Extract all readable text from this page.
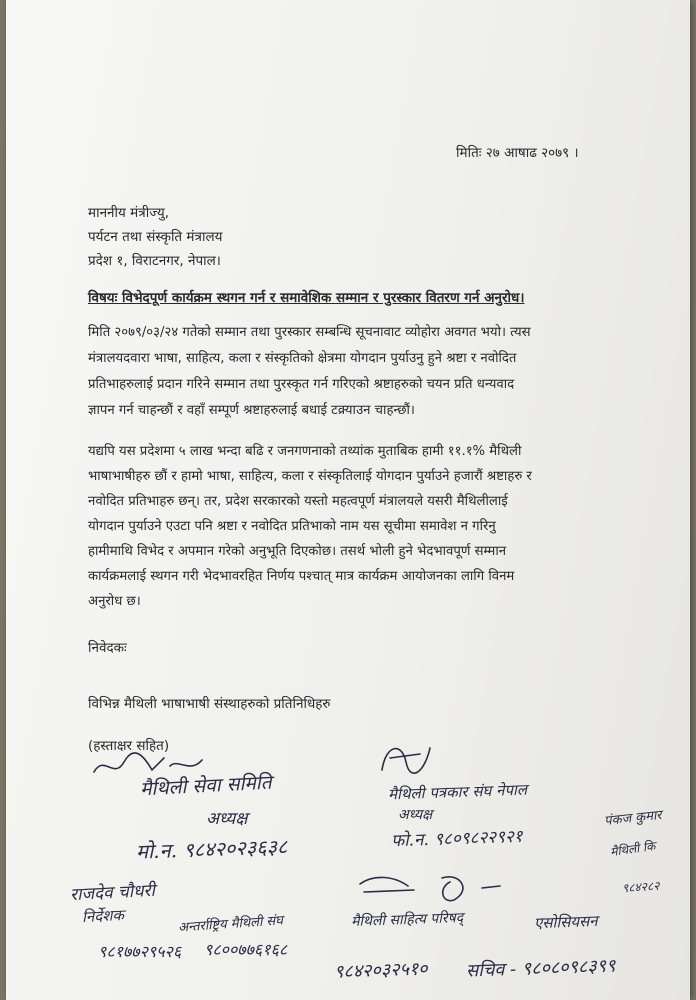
मितिः २७ आषाढ २०७९ ।
माननीय मंत्रीज्यु,
पर्यटन तथा संस्कृति मंत्रालय
प्रदेश १, विराटनगर, नेपाल।
विषयः विभेदपूर्ण कार्यक्रम स्थगन गर्न र समावेशिक सम्मान र पुरस्कार वितरण गर्न अनुरोध।
मिति २०७९/०३/२४ गतेको सम्मान तथा पुरस्कार सम्बन्धि सूचनावाट व्योहोरा अवगत भयो। त्यस
मंत्रालयदवारा भाषा, साहित्य, कला र संस्कृतिको क्षेत्रमा योगदान पुर्याउनु हुने श्रष्टा र नवोदित
प्रतिभाहरुलाई प्रदान गरिने सम्मान तथा पुरस्कृत गर्न गरिएको श्रष्टाहरुको चयन प्रति धन्यवाद
ज्ञापन गर्न चाहन्छौं र वहाँ सम्पूर्ण श्रष्टाहरुलाई बधाई टक्र्याउन चाहन्छौं।
यद्यपि यस प्रदेशमा ५ लाख भन्दा बढि र जनगणनाको तथ्यांक मुताबिक हामी ११.१% मैथिली
भाषाभाषीहरु छौं र हामो भाषा, साहित्य, कला र संस्कृतिलाई योगदान पुर्याउने हजारौं श्रष्टाहरु र
नवोदित प्रतिभाहरु छन्। तर, प्रदेश सरकारको यस्तो महत्वपूर्ण मंत्रालयले यसरी मैथिलीलाई
योगदान पुर्याउने एउटा पनि श्रष्टा र नवोदित प्रतिभाको नाम यस सूचीमा समावेश न गरिनु
हामीमाथि विभेद र अपमान गरेको अनुभूति दिएकोछ। तसर्थ भोली हुने भेदभावपूर्ण सम्मान
कार्यक्रमलाई स्थगन गरी भेदभावरहित निर्णय पश्चात् मात्र कार्यक्रम आयोजनका लागि विनम
अनुरोध छ।
निवेदकः
विभिन्न मैथिली भाषाभाषी संस्थाहरुको प्रतिनिधिहरु
(हस्ताक्षर सहित)
मैथिली सेवा समिति
अध्यक्ष
मो.न. ९८४२०२३६३८
मैथिली पत्रकार संघ नेपाल
अध्यक्ष
फो.न. ९८०९८२२९२१
पंकज कुमार
मैथिली कि
९८४२८२
राजदेव चौधरी
निर्देशक	अन्तर्राष्ट्रिय मैथिली संघ
९८१७७२९५२६ ९८००७७६१६८
मैथिली साहित्य परिषद्
९८४२०३२५१०
एसोसियसन
सचिव - ९८०८०९८३९९
